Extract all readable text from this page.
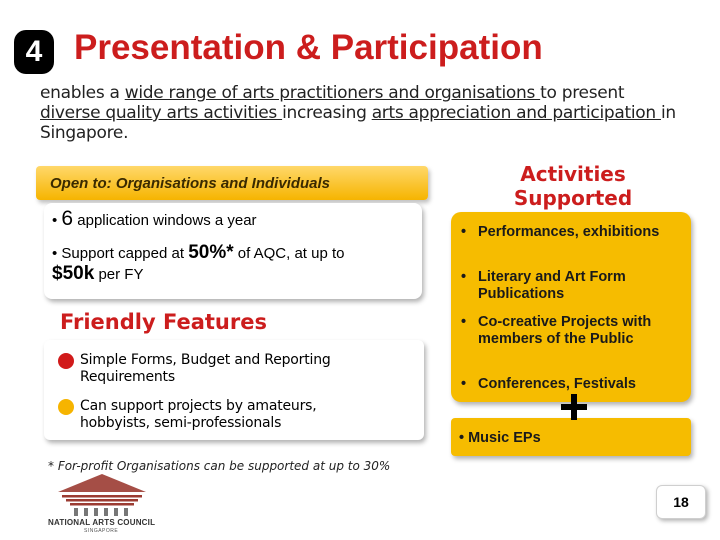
4 Presentation & Participation
enables a wide range of arts practitioners and organisations to present diverse quality arts activities increasing arts appreciation and participation in Singapore.
Open to: Organisations and Individuals
• 6 application windows a year
• Support capped at 50%* of AQC, at up to
$50k per FY
Friendly Features
Simple Forms, Budget and Reporting Requirements
Can support projects by amateurs, hobbyists, semi-professionals
Activities Supported
• Performances, exhibitions
• Literary and Art Form Publications
• Co-creative Projects with members of the Public
• Conferences, Festivals
• Music EPs
* For-profit Organisations can be supported at up to 30%
NATIONAL ARTS COUNCIL
SINGAPORE
18
